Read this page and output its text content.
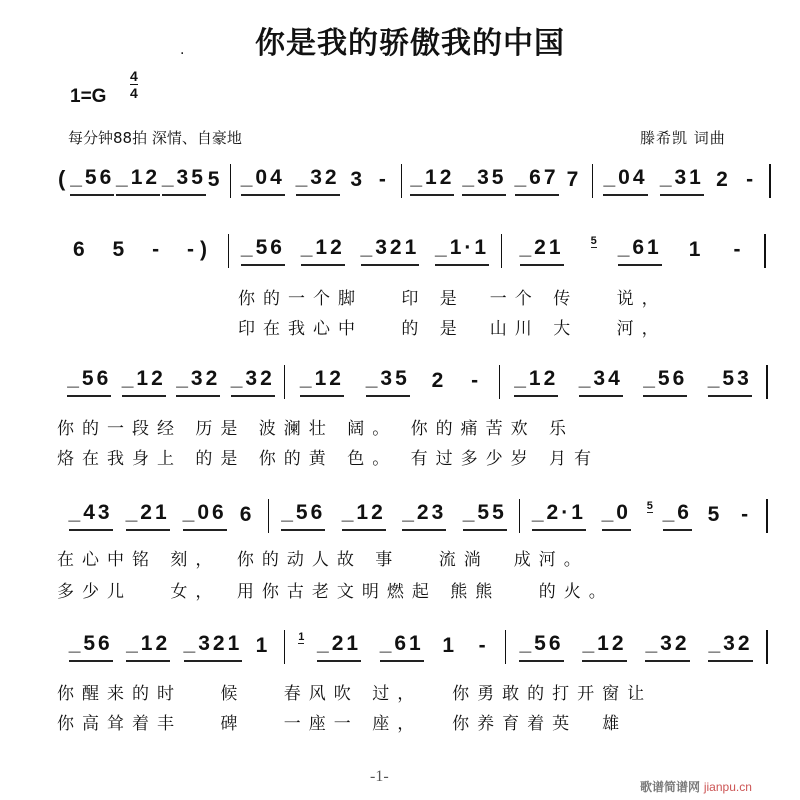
你是我的骄傲我的中国
.
1=G
4
4
每分钟88拍 深情、自豪地	滕希凯 词曲
( _56 _12 _35 5 _04 _32 3 - _12 _35 _67 7 _04 _31 2 -
6 5 - -) _56 _12 _321 _1·1 _21 5 _61 1 -
你的一个脚　 印 是　一个 传　 说，
印在我心中　 的 是　山川 大　 河，
_56 _12 _32 _32 _12 _35 2 - _12 _34 _56 _53
你的一段经 历是 波澜壮 阔。 你的痛苦欢 乐
烙在我身上 的是 你的黄 色。 有过多少岁 月有
_43 _21 _06 6 _56 _12 _23 _55 _2·1 _0 5 _6 5 -
在心中铭 刻，　你的动人故 事　 流淌　成河。
多少儿　 女，　用你古老文明燃起 熊熊　 的火。
_56 _12 _321 1 1 _21 _61 1 - _56 _12 _32 _32
你醒来的时　 候　 春风吹 过，　 你勇敢的打开窗让
你高耸着丰　 碑　 一座一 座，　 你养育着英　雄
-1-
歌谱简谱网 jianpu.cn
